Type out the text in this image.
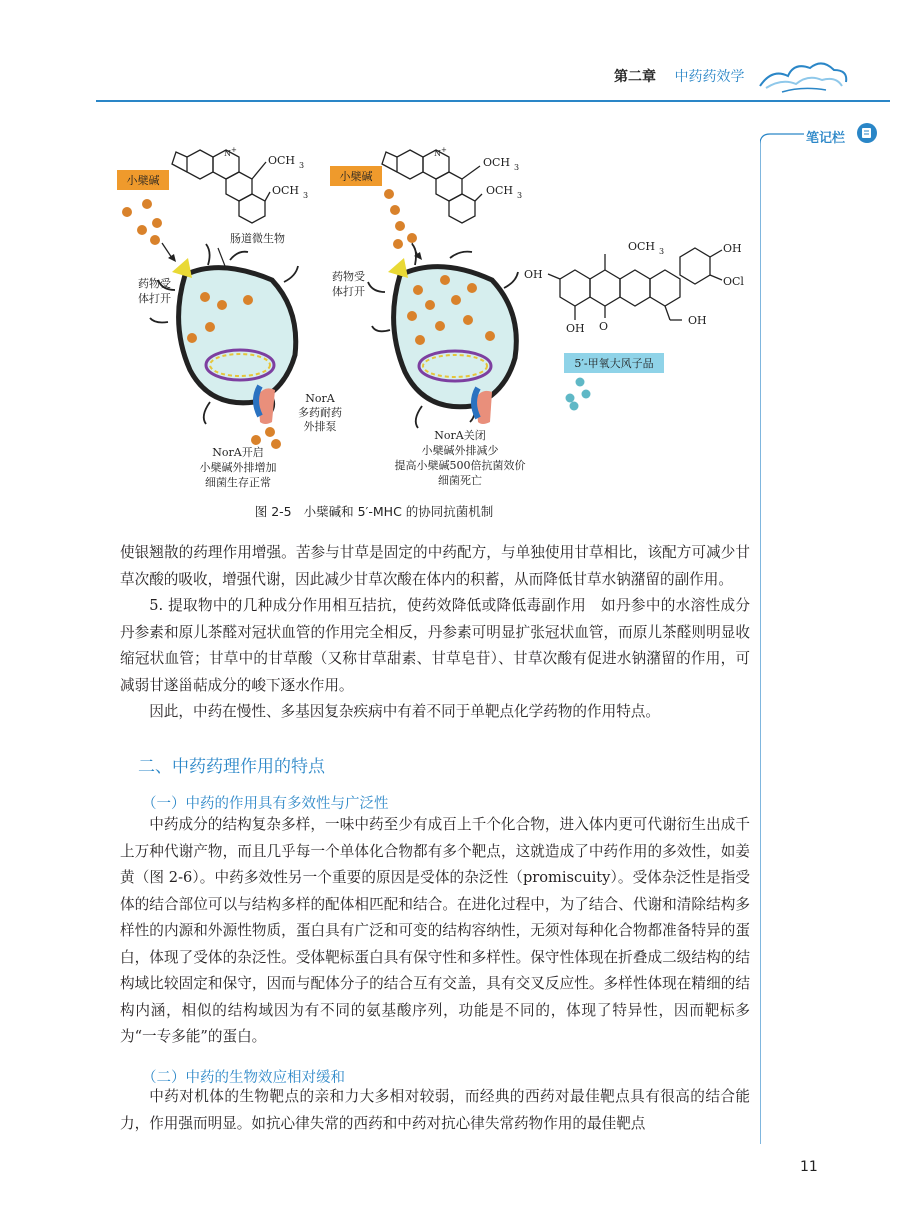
第二章 中药药效学
笔记栏
N +
OCH 3
OCH 3
小檗碱
肠道微生物
药物受
体打开
NorA
多药耐药
外排泵
NorA开启
小檗碱外排增加
细菌生存正常
N +
OCH 3
OCH 3
小檗碱
药物受
体打开
OCH 3
OH
OH O
OH
OCl
OH
5′-甲氧大风子品
NorA关闭
小檗碱外排减少
提高小檗碱500倍抗菌效价
细菌死亡
图 2-5 小檗碱和 5′-MHC 的协同抗菌机制

使银翘散的药理作用增强。苦参与甘草是固定的中药配方，与单独使用甘草相比，该配方可减少甘草次酸的吸收，增强代谢，因此减少甘草次酸在体内的积蓄，从而降低甘草水钠潴留的副作用。

5. 提取物中的几种成分作用相互拮抗，使药效降低或降低毒副作用　如丹参中的水溶性成分丹参素和原儿茶醛对冠状血管的作用完全相反，丹参素可明显扩张冠状血管，而原儿茶醛则明显收缩冠状血管；甘草中的甘草酸（又称甘草甜素、甘草皂苷）、甘草次酸有促进水钠潴留的作用，可减弱甘遂甾萜成分的峻下逐水作用。

因此，中药在慢性、多基因复杂疾病中有着不同于单靶点化学药物的作用特点。

二、中药药理作用的特点
（一）中药的作用具有多效性与广泛性

中药成分的结构复杂多样，一味中药至少有成百上千个化合物，进入体内更可代谢衍生出成千上万种代谢产物，而且几乎每一个单体化合物都有多个靶点，这就造成了中药作用的多效性，如姜黄（图 2-6）。中药多效性另一个重要的原因是受体的杂泛性（promiscuity）。受体杂泛性是指受体的结合部位可以与结构多样的配体相匹配和结合。在进化过程中，为了结合、代谢和清除结构多样性的内源和外源性物质，蛋白具有广泛和可变的结构容纳性，无须对每种化合物都准备特异的蛋白，体现了受体的杂泛性。受体靶标蛋白具有保守性和多样性。保守性体现在折叠成二级结构的结构域比较固定和保守，因而与配体分子的结合互有交盖，具有交叉反应性。多样性体现在精细的结构内涵，相似的结构域因为有不同的氨基酸序列，功能是不同的，体现了特异性，因而靶标多为“一专多能”的蛋白。

（二）中药的生物效应相对缓和

中药对机体的生物靶点的亲和力大多相对较弱，而经典的西药对最佳靶点具有很高的结合能力，作用强而明显。如抗心律失常的西药和中药对抗心律失常药物作用的最佳靶点

11
